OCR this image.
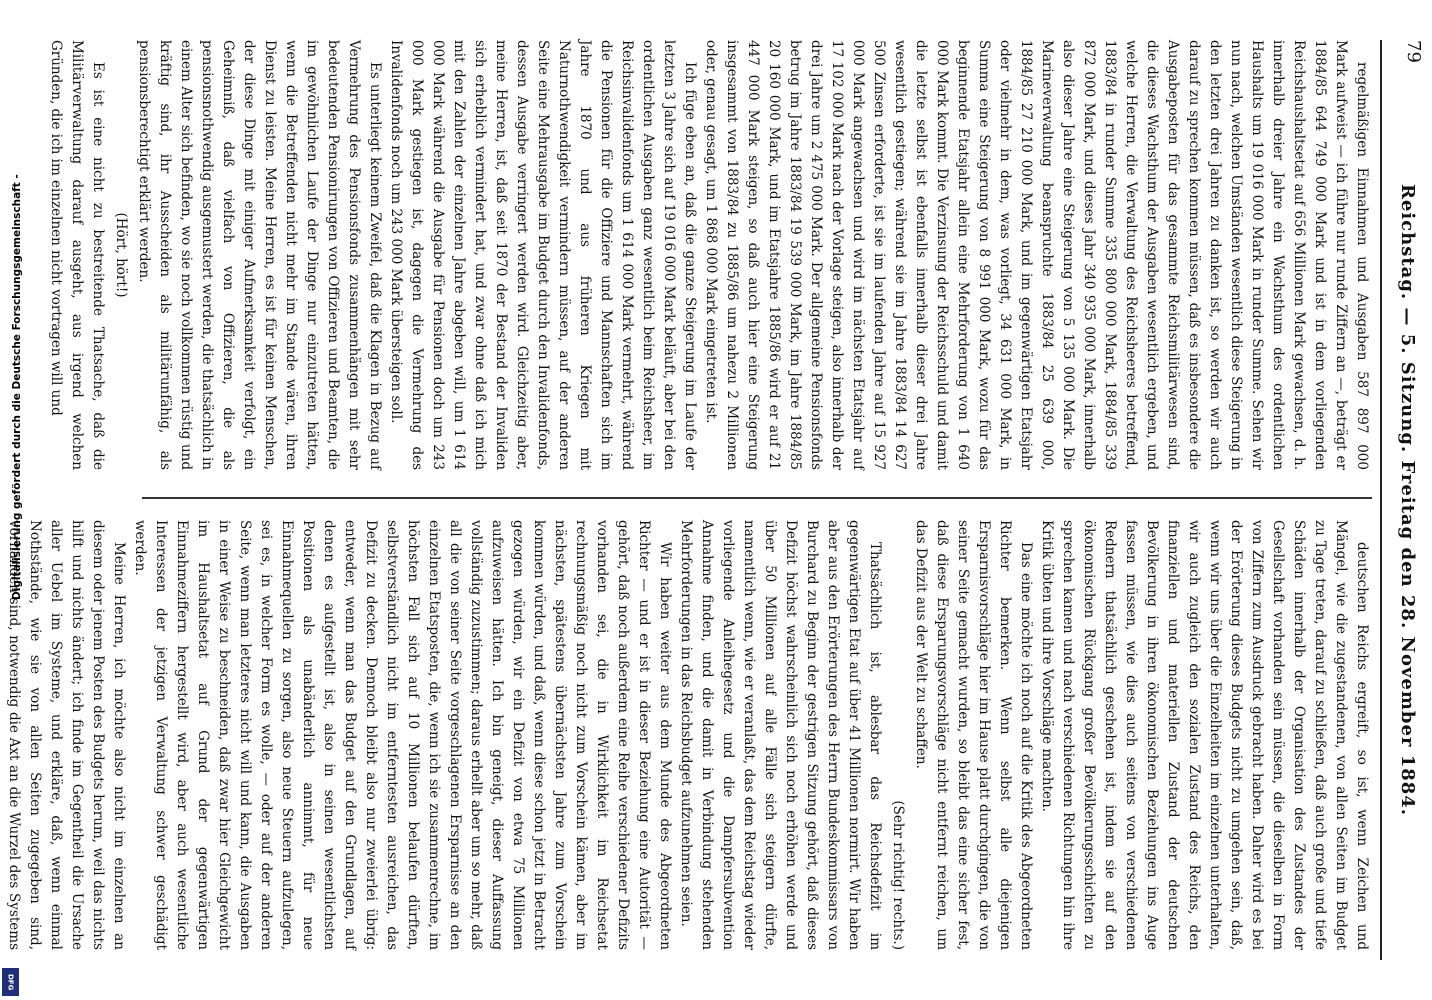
79
Reichstag. — 5. Sitzung. Freitag den 28. November 1884.

regelmäßigen Einnahmen und Ausgaben 587 897 000 Mark aufweist — ich führe nur runde Ziffern an —, beträgt er 1884/85 644 749 000 Mark und ist in dem vorliegenden Reichshaushaltsetat auf 656 Millionen Mark gewachsen, d. h. innerhalb dreier Jahre ein Wachsthum des ordentlichen Haushalts um 19 016 000 Mark in runder Summe. Sehen wir nun nach, welchen Umständen wesentlich diese Steigerung in den letzten drei Jahren zu danken ist, so werden wir auch darauf zu sprechen kommen müssen, daß es insbesondere die Ausgabeposten für das gesammte Reichsmilitärwesen sind, die dieses Wachsthum der Ausgaben wesentlich ergeben, und welche Herren, die Verwaltung des Reichsheeres betreffend, 1883/84 in runder Summe 335 800 000 Mark, 1884/85 339 872 000 Mark, und dieses Jahr 340 935 000 Mark, innerhalb also dieser Jahre eine Steigerung von 5 135 000 Mark. Die Marineverwaltung beanspruchte 1883/84 25 639 000, 1884/85 27 210 000 Mark, und im gegenwärtigen Etatsjahr oder vielmehr in dem, was vorliegt, 34 631 000 Mark, in Summa eine Steigerung von 8 991 000 Mark, wozu für das beginnende Etatsjahr allein eine Mehrforderung von 1 640 000 Mark kommt. Die Verzinsung der Reichsschuld und damit die letzte selbst ist ebenfalls innerhalb dieser drei Jahre wesentlich gestiegen; während sie im Jahre 1883/84 14 627 500 Zinsen erforderte, ist sie im laufenden Jahre auf 15 927 000 Mark angewachsen und wird im nächsten Etatsjahr auf 17 102 000 Mark nach der Vorlage steigen, also innerhalb der drei Jahre um 2 475 000 Mark. Der allgemeine Pensionsfonds betrug im Jahre 1883/84 19 539 000 Mark, im Jahre 1884/85 20 160 000 Mark, und im Etatsjahre 1885/86 wird er auf 21 447 000 Mark steigen, so daß auch hier eine Steigerung insgesammt von 1883/84 zu 1885/86 um nahezu 2 Millionen oder, genau gesagt, um 1 868 000 Mark eingetreten ist.

Ich füge eben an, daß die ganze Steigerung im Laufe der letzten 3 Jahre sich auf 19 016 000 Mark beläuft, aber bei den ordentlichen Ausgaben ganz wesentlich beim Reichsheer, im Reichsinvalidenfonds um 1 614 000 Mark vermehrt, während die Pensionen für die Offiziere und Mannschaften sich im Jahre 1870 und aus früheren Kriegen mit Naturnothwendigkeit vermindern müssen, auf der anderen Seite eine Mehrausgabe im Budget durch den Invalidenfonds, dessen Ausgabe verringert werden wird. Gleichzeitig aber, meine Herren, ist, daß seit 1870 der Bestand der Invaliden sich erheblich vermindert hat, und zwar ohne daß ich mich mit den Zahlen der einzelnen Jahre abgeben will, um 1 614 000 Mark während die Ausgabe für Pensionen doch um 243 000 Mark gestiegen ist, dagegen die Vermehrung des Invalidenfonds noch um 243 000 Mark übersteigen soll.

Es unterliegt keinem Zweifel, daß die Klagen in Bezug auf Vermehrung des Pensionsfonds zusammenhängen mit sehr bedeutenden Pensionirungen von Offizieren und Beamten, die im gewöhnlichen Laufe der Dinge nur einzutreten hätten, wenn die Betreffenden nicht mehr im Stande wären, ihren Dienst zu leisten. Meine Herren, es ist für keinen Menschen, der diese Dinge mit einiger Aufmerksamkeit verfolgt, ein Geheimniß, daß vielfach von Offizieren, die als pensionsnothwendig ausgemustert werden, die thatsächlich in einem Alter sich befinden, wo sie noch vollkommen rüstig und kräftig sind, ihr Ausscheiden als militärunfähig, als pensionsberechtigt erklärt werden.

(Hört, hört!)

Es ist eine nicht zu bestreitende Thatsache, daß die Militärverwaltung darauf ausgeht, aus irgend welchen Gründen, die ich im einzelnen nicht vortragen will und

deutschen Reichs ergreift, so ist, wenn Zeichen und Mängel, wie die zugestandenen, von allen Seiten im Budget zu Tage treten, darauf zu schließen, daß auch große und tiefe Schäden innerhalb der Organisation des Zustandes der Gesellschaft vorhanden sein müssen, die dieselben in Form von Ziffern zum Ausdruck gebracht haben. Daher wird es bei der Erörterung dieses Budgets nicht zu umgehen sein, daß, wenn wir uns über die Einzelheiten im einzelnen unterhalten, wir auch zugleich den sozialen Zustand des Reichs, den finanziellen und materiellen Zustand der deutschen Bevölkerung in ihren ökonomischen Beziehungen ins Auge fassen müssen, wie dies auch seitens von verschiedenen Rednern thatsächlich geschehen ist, indem sie auf den ökonomischen Rückgang großer Bevölkerungsschichten zu sprechen kamen und nach verschiedenen Richtungen hin ihre Kritik übten und ihre Vorschläge machten.

Das eine möchte ich noch auf die Kritik des Abgeordneten Richter bemerken. Wenn selbst alle diejenigen Ersparnisvorschläge hier im Hause platt durchgingen, die von seiner Seite gemacht wurden, so bleibt das eine sicher fest, daß diese Ersparungsvorschläge nicht entfernt reichen, um das Defizit aus der Welt zu schaffen.

(Sehr richtig! rechts.)

Thatsächlich ist, ablesbar das Reichsdefizit im gegenwärtigen Etat auf über 41 Millionen normirt. Wir haben aber aus den Erörterungen des Herrn Bundeskommissars von Burchard zu Beginn der gestrigen Sitzung gehört, daß dieses Defizit höchst wahrscheinlich sich noch erhöhen werde und über 50 Millionen auf alle Fälle sich steigern dürfte, namentlich wenn, wie er veranlaßt, das dem Reichstag wieder vorliegende Anleihegesetz und die Dampfersubvention Annahme finden, und die damit in Verbindung stehenden Mehrforderungen in das Reichsbudget aufzunehmen seien.

Wir haben weiter aus dem Munde des Abgeordneten Richter — und er ist in dieser Beziehung eine Autorität — gehört, daß noch außerdem eine Reihe verschiedener Defizits vorhanden sei, die in Wirklichkeit im Reichsetat rechnungsmäßig noch nicht zum Vorschein kämen, aber im nächsten, spätestens übernächsten Jahre zum Vorschein kommen würden, und daß, wenn diese schon jetzt in Betracht gezogen würden, wir ein Defizit von etwa 75 Millionen aufzuweisen hätten. Ich bin geneigt, dieser Auffassung vollständig zuzustimmen; daraus erhellt aber um so mehr, daß all die von seiner Seite vorgeschlagenen Ersparnisse an den einzelnen Etatsposten, die, wenn ich sie zusammenrechne, im höchsten Fall sich auf 10 Millionen belaufen dürften, selbstverständlich nicht im entferntesten ausreichen, das Defizit zu decken. Dennoch bleibt also nur zweierlei übrig: entweder, wenn man das Budget auf den Grundlagen, auf denen es aufgestellt ist, also in seinen wesentlichsten Positionen als unabänderlich annimmt, für neue Einnahmequellen zu sorgen, also neue Steuern aufzulegen, sei es, in welcher Form es wolle, — oder auf der anderen Seite, wenn man letzteres nicht will und kann, die Ausgaben in einer Weise zu beschneiden, daß zwar hier Gleichgewicht im Haushaltsetat auf Grund der gegenwärtigen Einnahmeziffern hergestellt wird, aber auch wesentliche Interessen der jetzigen Verwaltung schwer geschädigt werden.

Meine Herren, ich möchte also nicht im einzelnen an diesem oder jenem Posten des Budgets herum, weil das nichts hilft und nichts ändert; ich finde im Gegentheil die Ursache aller Uebel im Systeme, und erkläre, daß, wenn einmal Nothstände, wie sie von allen Seiten zugegeben sind, vorhanden sind, notwendig die Axt an die Wurzel des Systems

Digitalisierung gefördert durch die Deutsche Forschungsgemeinschaft -
DFG
